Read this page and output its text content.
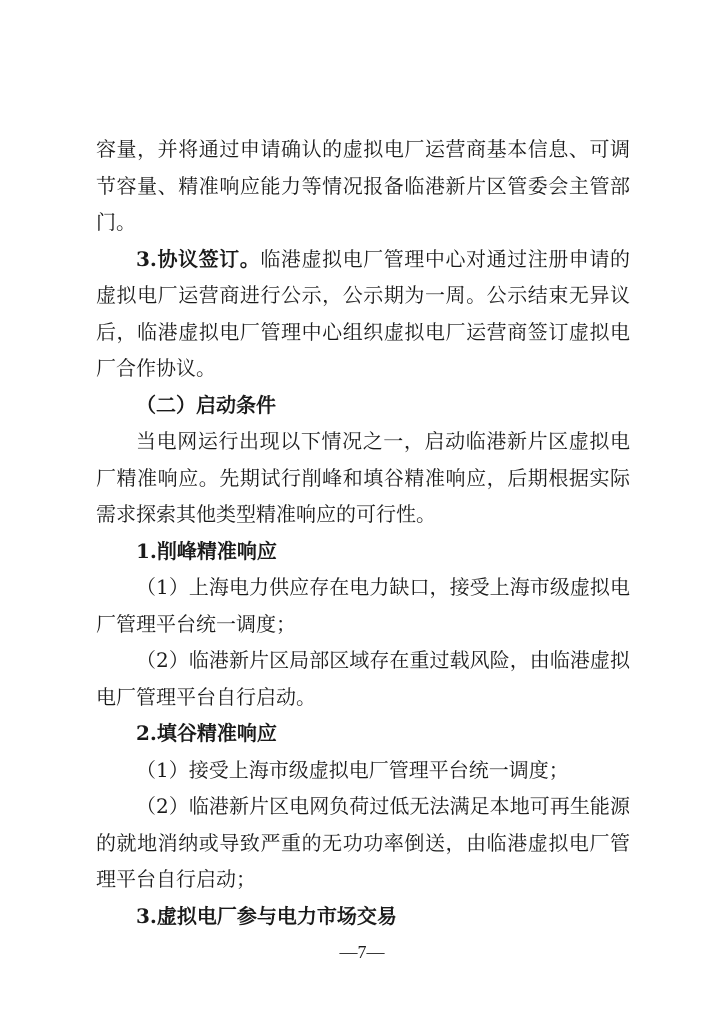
容量，并将通过申请确认的虚拟电厂运营商基本信息、可调节容量、精准响应能力等情况报备临港新片区管委会主管部门。

3.协议签订。临港虚拟电厂管理中心对通过注册申请的虚拟电厂运营商进行公示，公示期为一周。公示结束无异议后，临港虚拟电厂管理中心组织虚拟电厂运营商签订虚拟电厂合作协议。

（二）启动条件

当电网运行出现以下情况之一，启动临港新片区虚拟电厂精准响应。先期试行削峰和填谷精准响应，后期根据实际需求探索其他类型精准响应的可行性。

1.削峰精准响应

（1）上海电力供应存在电力缺口，接受上海市级虚拟电厂管理平台统一调度；

（2）临港新片区局部区域存在重过载风险，由临港虚拟电厂管理平台自行启动。

2.填谷精准响应

（1）接受上海市级虚拟电厂管理平台统一调度；

（2）临港新片区电网负荷过低无法满足本地可再生能源的就地消纳或导致严重的无功功率倒送，由临港虚拟电厂管理平台自行启动；

3.虚拟电厂参与电力市场交易

—7—
